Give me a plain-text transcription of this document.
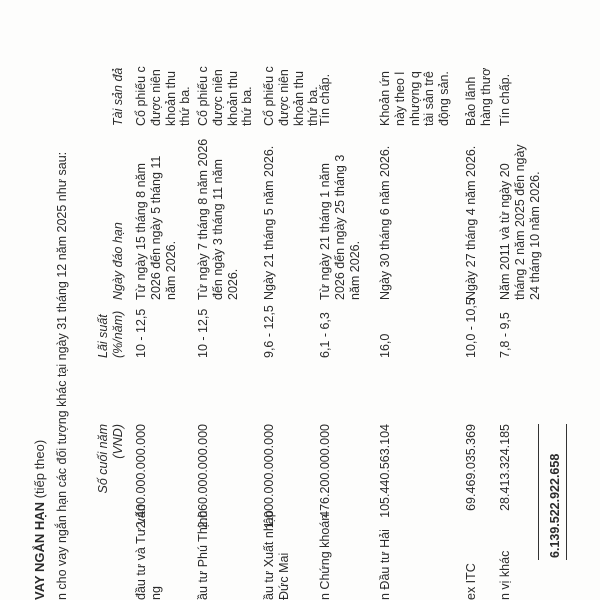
VAY NGẮN HẠN (tiếp theo) n cho vay ngắn hạn các đối tượng khác tại ngày 31 tháng 12 năm 2025 như sau: Số cuối năm (VND)
Lãi suất (%/năm)
Ngày đáo hạn
Tài sản đả
đầu tư và Tư vấn ng
2.400.000.000.000
10 - 12,5
Từ ngày 15 tháng 8 năm 2026 đến ngày 5 tháng 11 năm 2026.
Cổ phiếu c được niên khoản thu thứ ba.
ầu tư Phú Thịnh
2.060.000.000.000
10 - 12,5
Từ ngày 7 tháng 8 năm 2026 đến ngày 3 tháng 11 năm 2026.
Cổ phiếu c được niên khoản thu thứ ba.
ầu tư Xuất nhập Đức Mai
1.000.000.000.000
9,6 - 12,5
Ngày 21 tháng 5 năm 2026.
Cổ phiếu c được niên khoản thu thứ ba.
n Chứng khoán
476.200.000.000
6,1 - 6,3
Từ ngày 21 tháng 1 năm 2026 đến ngày 25 tháng 3 năm 2026.
Tín chấp.
n Đầu tư Hải
105.440.563.104
16,0
Ngày 30 tháng 6 năm 2026.
Khoản ứn này theo l nhượng q tài sản trê động sản.
ex ITC
69.469.035.369
10,0 - 10,5
Ngày 27 tháng 4 năm 2026.
Bảo lãnh hàng thươ
n vị khác
28.413.324.185
7,8 - 9,5
Năm 2011 và từ ngày 20 tháng 2 năm 2025 đến ngày 24 tháng 10 năm 2026.
Tín chấp.
6.139.522.922.658
